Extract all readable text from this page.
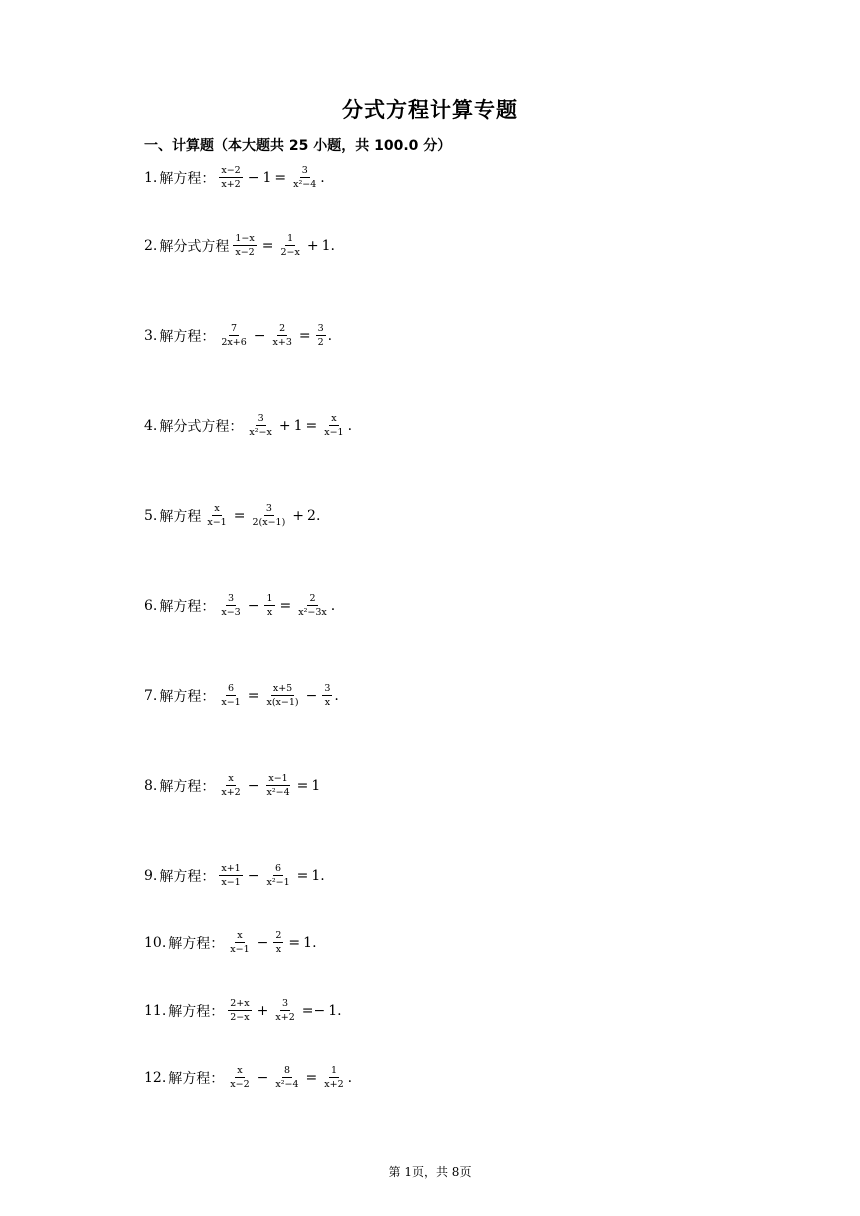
分式方程计算专题
一、计算题（本大题共 25 小题，共 100.0 分）
1. 解方程： $\frac{x-2}{x+2} - 1 = \frac{3}{\text{x²−4}}$ .
2. 解分式方程 $\frac{1-x}{x-2} = \frac{1}{2-x} + 1$.
3. 解方程： $\frac{7}{2x+6} - \frac{2}{x+3} = \frac{3}{2}$ .
4. 解分式方程： $\frac{3}{\text{x²−x}} + 1 = \frac{x}{x-1}$ .
5. 解方程 $\frac{x}{x-1} = \frac{3}{2(x-1)} + 2$.
6. 解方程： $\frac{3}{x-3} - \frac{1}{x} = \frac{2}{\text{x²−3x}}$ .
7. 解方程： $\frac{6}{x-1} = \frac{x+5}{x(x-1)} - \frac{3}{x}$ .
8. 解方程： $\frac{x}{x+2} - \frac{x-1}{\text{x²−4}} = 1$
9. 解方程： $\frac{x+1}{x-1} - \frac{6}{\text{x²−1}} = 1$.
10. 解方程： $\frac{x}{x-1} - \frac{2}{x} = 1$.
11. 解方程： $\frac{2+x}{2-x} + \frac{3}{x+2} =- 1$.
12. 解方程： $\frac{x}{x-2} - \frac{8}{\text{x²−4}} = \frac{1}{x+2}$ .
第 1页，共 8页
